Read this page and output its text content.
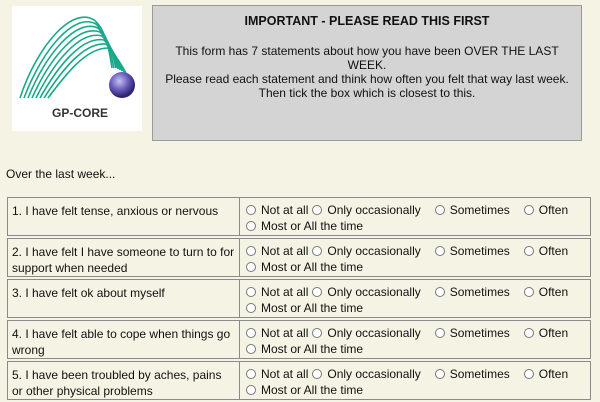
GP-CORE
IMPORTANT - PLEASE READ THIS FIRST
This form has 7 statements about how you have been OVER THE LAST WEEK.
Please read each statement and think how often you felt that way last week.
Then tick the box which is closest to this.
Over the last week...
1. I have felt tense, anxious or nervous	Not at all Only occasionally Sometimes Often
Most or All the time
2. I have felt I have someone to turn to for support when needed
Not at all Only occasionally Sometimes Often
Most or All the time
3. I have felt ok about myself	Not at all Only occasionally Sometimes Often
Most or All the time
4. I have felt able to cope when things go wrong
Not at all Only occasionally Sometimes Often
Most or All the time
5. I have been troubled by aches, pains or other physical problems
Not at all Only occasionally Sometimes Often
Most or All the time
